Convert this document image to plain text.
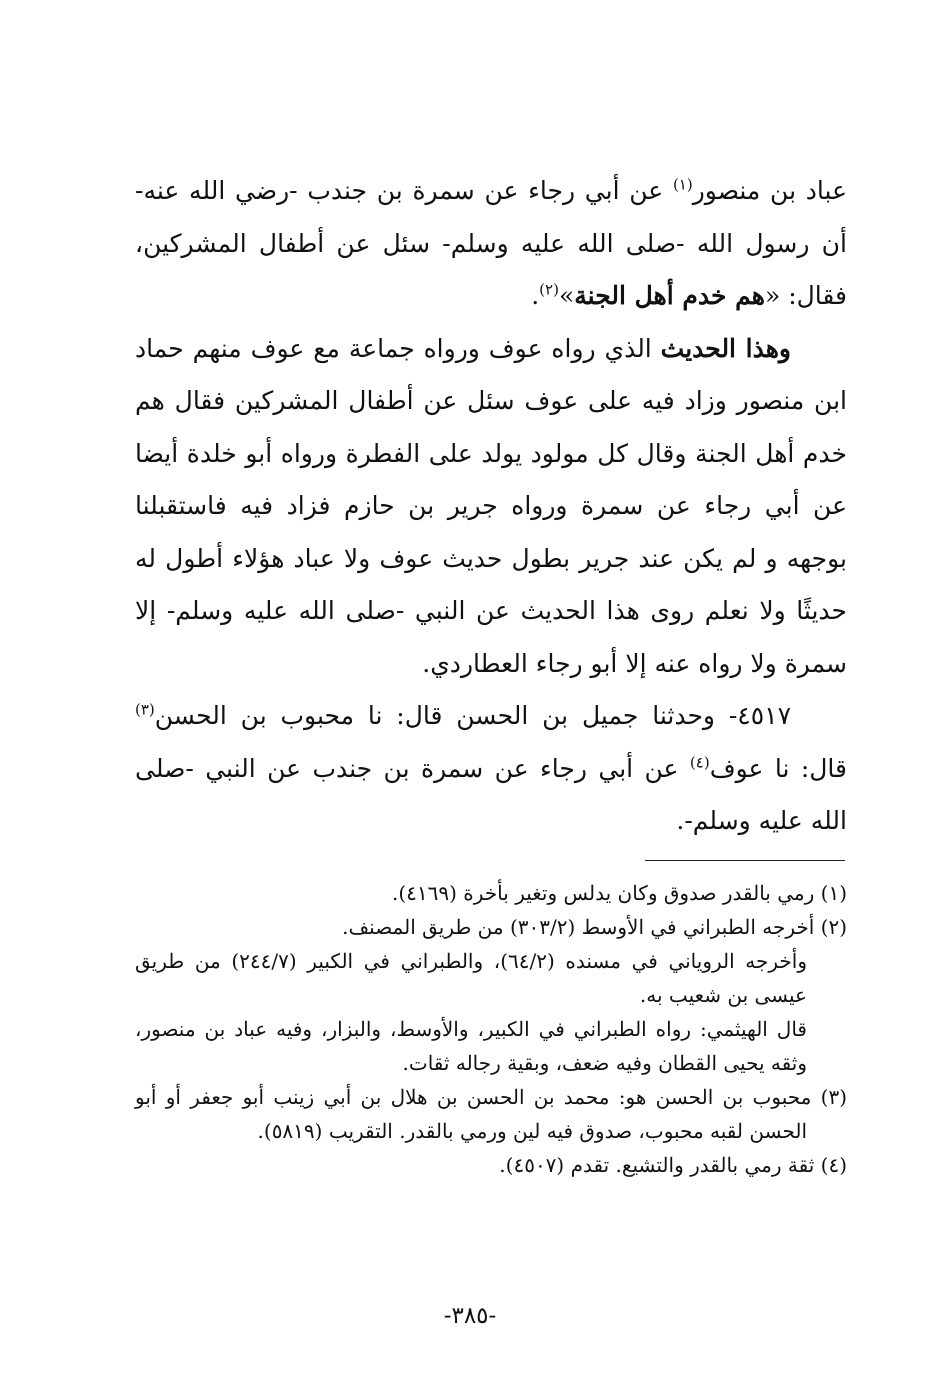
عباد بن منصور$^{(١)}$ عن أبي رجاء عن سمرة بن جندب -رضي الله عنه- أن رسول الله -صلى الله عليه وسلم- سئل عن أطفال المشركين، فقال: «هم خدم أهل الجنة»$^{(٢)}$.

وهذا الحديث الذي رواه عوف ورواه جماعة مع عوف منهم حماد ابن منصور وزاد فيه على عوف سئل عن أطفال المشركين فقال هم خدم أهل الجنة وقال كل مولود يولد على الفطرة ورواه أبو خلدة أيضا عن أبي رجاء عن سمرة ورواه جرير بن حازم فزاد فيه فاستقبلنا بوجهه و لم يكن عند جرير بطول حديث عوف ولا عباد هؤلاء أطول له حديثًا ولا نعلم روى هذا الحديث عن النبي -صلى الله عليه وسلم- إلا سمرة ولا رواه عنه إلا أبو رجاء العطاردي.

٤٥١٧- وحدثنا جميل بن الحسن قال: نا محبوب بن الحسن$^{(٣)}$ قال: نا عوف$^{(٤)}$ عن أبي رجاء عن سمرة بن جندب عن النبي -صلى الله عليه وسلم-.

(١) رمي بالقدر صدوق وكان يدلس وتغير بأخرة (٤١٦٩).

(٢) أخرجه الطبراني في الأوسط (٣٠٣/٢) من طريق المصنف.

وأخرجه الروياني في مسنده (٦٤/٢)، والطبراني في الكبير (٢٤٤/٧) من طريق عيسى بن شعيب به.

قال الهيثمي: رواه الطبراني في الكبير، والأوسط، والبزار، وفيه عباد بن منصور، وثقه يحيى القطان وفيه ضعف، وبقية رجاله ثقات.

(٣) محبوب بن الحسن هو: محمد بن الحسن بن هلال بن أبي زينب أبو جعفر أو أبو الحسن لقبه محبوب، صدوق فيه لين ورمي بالقدر. التقريب (٥٨١٩).

(٤) ثقة رمي بالقدر والتشيع. تقدم (٤٥٠٧).

-٣٨٥-
